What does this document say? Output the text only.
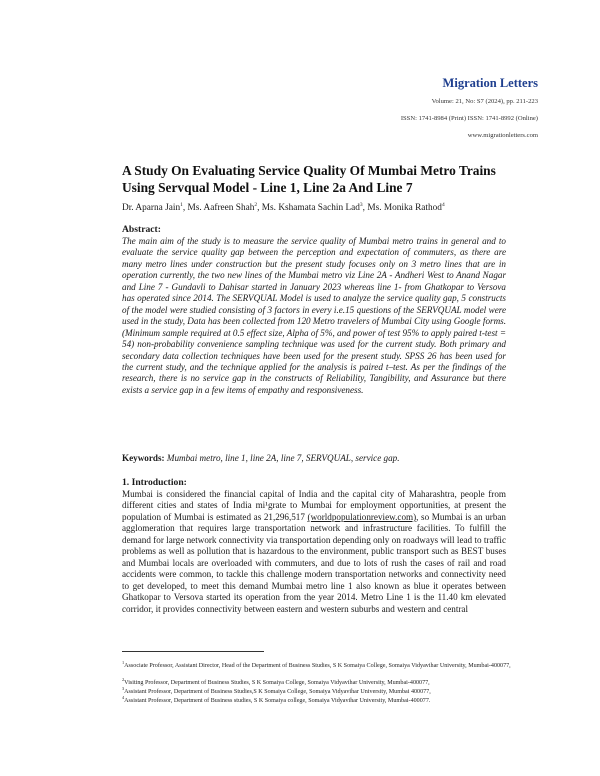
Migration Letters
Volume: 21, No: S7 (2024), pp. 211-223
ISSN: 1741-8984 (Print) ISSN: 1741-8992 (Online)
www.migrationletters.com
A Study On Evaluating Service Quality Of Mumbai Metro Trains Using Servqual Model - Line 1, Line 2a And Line 7
Dr. Aparna Jain$^1$, Ms. Aafreen Shah$^2$, Ms. Kshamata Sachin Lad$^3$, Ms. Monika Rathod$^4$
Abstract:

The main aim of the study is to measure the service quality of Mumbai metro trains in general and to evaluate the service quality gap between the perception and expectation of commuters, as there are many metro lines under construction but the present study focuses only on 3 metro lines that are in operation currently, the two new lines of the Mumbai metro viz Line 2A - Andheri West to Anand Nagar and Line 7 - Gundavli to Dahisar started in January 2023 whereas line 1- from Ghatkopar to Versova has operated since 2014. The SERVQUAL Model is used to analyze the service quality gap, 5 constructs of the model were studied consisting of 3 factors in every i.e.15 questions of the SERVQUAL model were used in the study, Data has been collected from 120 Metro travelers of Mumbai City using Google forms. (Minimum sample required at 0.5 effect size, Alpha of 5%, and power of test 95% to apply paired t-test = 54) non-probability convenience sampling technique was used for the current study. Both primary and secondary data collection techniques have been used for the present study. SPSS 26 has been used for the current study, and the technique applied for the analysis is paired t–test. As per the findings of the research, there is no service gap in the constructs of Reliability, Tangibility, and Assurance but there exists a service gap in a few items of empathy and responsiveness.

Keywords: Mumbai metro, line 1, line 2A, line 7, SERVQUAL, service gap.
1. Introduction:

Mumbai is considered the financial capital of India and the capital city of Maharashtra, people from different cities and states of India mi¹grate to Mumbai for employment opportunities, at present the population of Mumbai is estimated as 21,296,517 (worldpopulationreview.com), so Mumbai is an urban agglomeration that requires large transportation network and infrastructure facilities. To fulfill the demand for large network connectivity via transportation depending only on roadways will lead to traffic problems as well as pollution that is hazardous to the environment, public transport such as BEST buses and Mumbai locals are overloaded with commuters, and due to lots of rush the cases of rail and road accidents were common, to tackle this challenge modern transportation networks and connectivity need to get developed, to meet this demand Mumbai metro line 1 also known as blue it operates between Ghatkopar to Versova started its operation from the year 2014. Metro Line 1 is the 11.40 km elevated corridor, it provides connectivity between eastern and western suburbs and western and central

$^1$Associate Professor, Assistant Director, Head of the Department of Business Studies, S K Somaiya College, Somaiya Vidyavihar University, Mumbai-400077,
$^2$Visiting Professor, Department of Business Studies, S K Somaiya College, Somaiya Vidyavihar University, Mumbai-400077,
$^3$Assistant Professor, Department of Business Studies,S K Somaiya College, Somaiya Vidyavihar University, Mumbai 400077,
$^4$Assistant Professor, Department of Business studies, S K Somaiya college, Somaiya Vidyavihar University, Mumbai-400077.
